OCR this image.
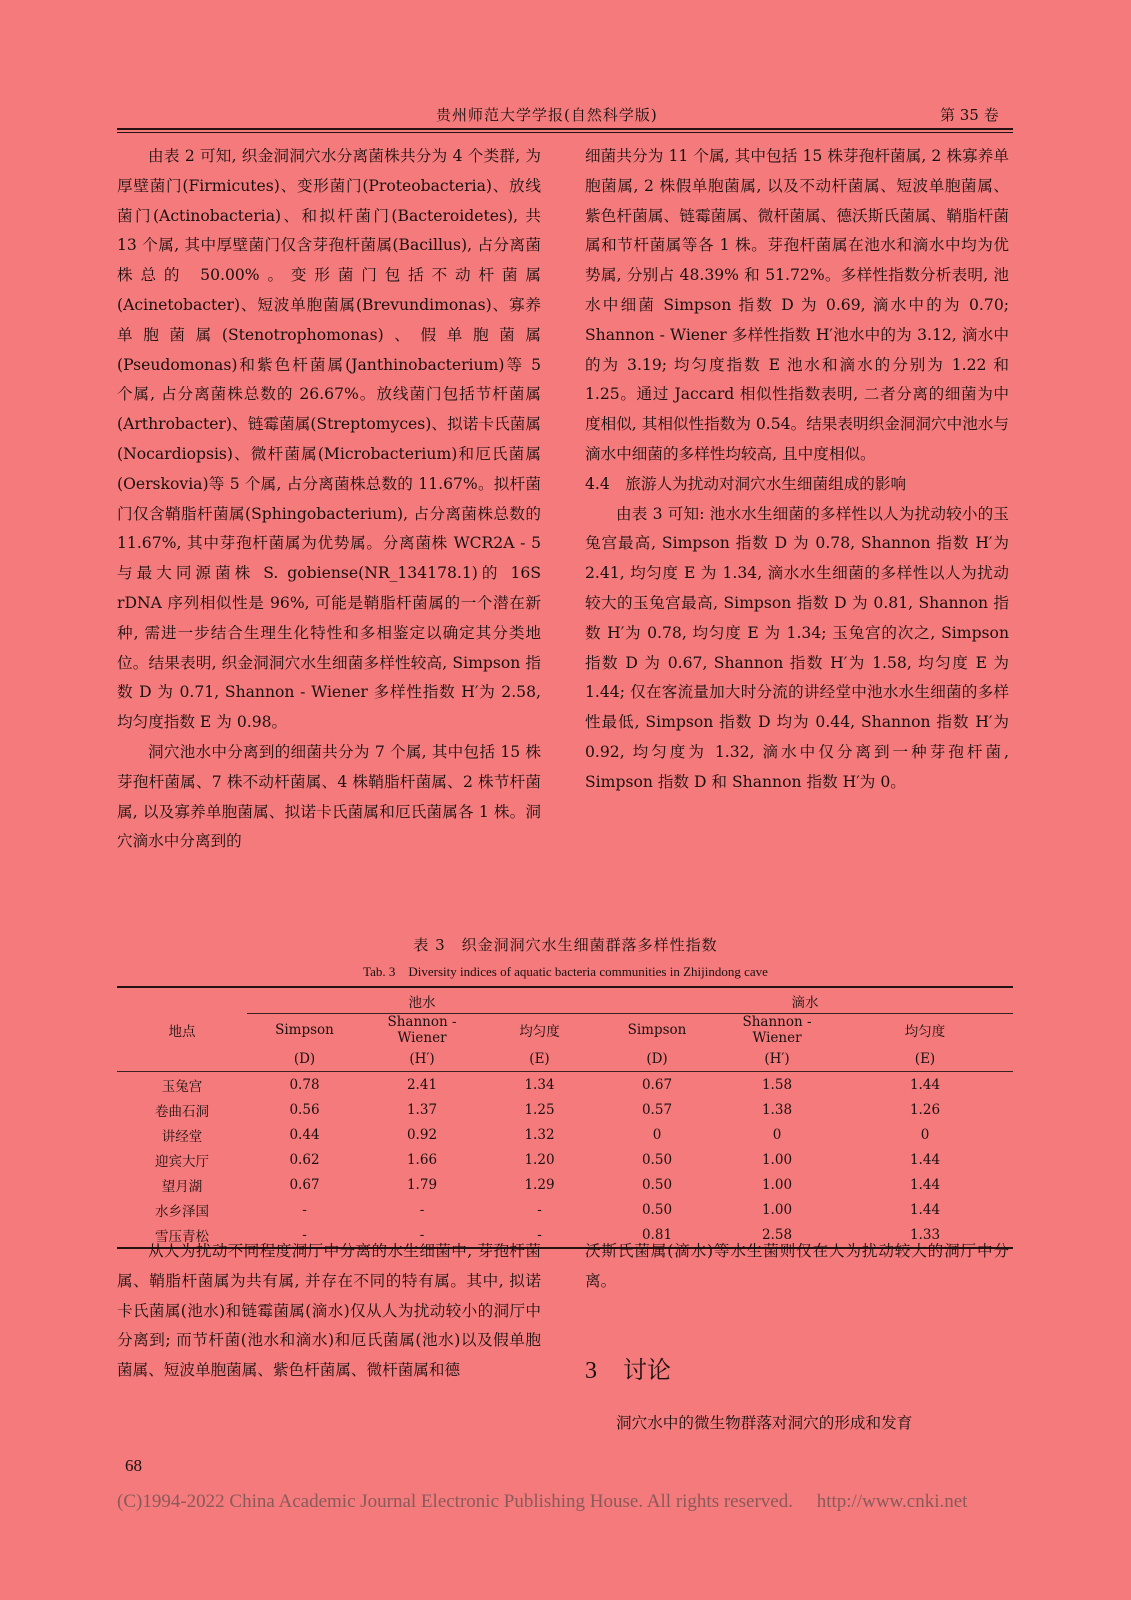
贵州师范大学学报(自然科学版)	第 35 卷

由表 2 可知, 织金洞洞穴水分离菌株共分为 4 个类群, 为厚壁菌门(Firmicutes)、变形菌门(Proteobacteria)、放线菌门(Actinobacteria)、和拟杆菌门(Bacteroidetes), 共 13 个属, 其中厚壁菌门仅含芽孢杆菌属(Bacillus), 占分离菌株总的 50.00%。变形菌门包括不动杆菌属(Acinetobacter)、短波单胞菌属(Brevundimonas)、寡养单胞菌属(Stenotrophomonas)、假单胞菌属(Pseudomonas)和紫色杆菌属(Janthinobacterium)等 5 个属, 占分离菌株总数的 26.67%。放线菌门包括节杆菌属(Arthrobacter)、链霉菌属(Streptomyces)、拟诺卡氏菌属(Nocardiopsis)、微杆菌属(Microbacterium)和厄氏菌属(Oerskovia)等 5 个属, 占分离菌株总数的 11.67%。拟杆菌门仅含鞘脂杆菌属(Sphingobacterium), 占分离菌株总数的 11.67%, 其中芽孢杆菌属为优势属。分离菌株 WCR2A - 5 与最大同源菌株 S. gobiense(NR_134178.1)的 16S rDNA 序列相似性是 96%, 可能是鞘脂杆菌属的一个潜在新种, 需进一步结合生理生化特性和多相鉴定以确定其分类地位。结果表明, 织金洞洞穴水生细菌多样性较高, Simpson 指数 D 为 0.71, Shannon - Wiener 多样性指数 H′为 2.58, 均匀度指数 E 为 0.98。

洞穴池水中分离到的细菌共分为 7 个属, 其中包括 15 株芽孢杆菌属、7 株不动杆菌属、4 株鞘脂杆菌属、2 株节杆菌属, 以及寡养单胞菌属、拟诺卡氏菌属和厄氏菌属各 1 株。洞穴滴水中分离到的

细菌共分为 11 个属, 其中包括 15 株芽孢杆菌属, 2 株寡养单胞菌属, 2 株假单胞菌属, 以及不动杆菌属、短波单胞菌属、紫色杆菌属、链霉菌属、微杆菌属、德沃斯氏菌属、鞘脂杆菌属和节杆菌属等各 1 株。芽孢杆菌属在池水和滴水中均为优势属, 分别占 48.39% 和 51.72%。多样性指数分析表明, 池水中细菌 Simpson 指数 D 为 0.69, 滴水中的为 0.70; Shannon - Wiener 多样性指数 H′池水中的为 3.12, 滴水中的为 3.19; 均匀度指数 E 池水和滴水的分别为 1.22 和 1.25。通过 Jaccard 相似性指数表明, 二者分离的细菌为中度相似, 其相似性指数为 0.54。结果表明织金洞洞穴中池水与滴水中细菌的多样性均较高, 且中度相似。

4.4　旅游人为扰动对洞穴水生细菌组成的影响

由表 3 可知: 池水水生细菌的多样性以人为扰动较小的玉兔宫最高, Simpson 指数 D 为 0.78, Shannon 指数 H′为 2.41, 均匀度 E 为 1.34, 滴水水生细菌的多样性以人为扰动较大的玉兔宫最高, Simpson 指数 D 为 0.81, Shannon 指数 H′为 0.78, 均匀度 E 为 1.34; 玉兔宫的次之, Simpson 指数 D 为 0.67, Shannon 指数 H′为 1.58, 均匀度 E 为 1.44; 仅在客流量加大时分流的讲经堂中池水水生细菌的多样性最低, Simpson 指数 D 均为 0.44, Shannon 指数 H′为 0.92, 均匀度为 1.32, 滴水中仅分离到一种芽孢杆菌, Simpson 指数 D 和 Shannon 指数 H′为 0。

表 3　织金洞洞穴水生细菌群落多样性指数
Tab. 3　Diversity indices of aquatic bacteria communities in Zhijindong cave
地点	池水			滴水		
	Simpson	Shannon - Wiener	均匀度	Simpson	Shannon - Wiener	均匀度
	(D)	(H′)	(E)	(D)	(H′)	(E)
玉兔宫	0.78	2.41	1.34	0.67	1.58	1.44
卷曲石洞	0.56	1.37	1.25	0.57	1.38	1.26
讲经堂	0.44	0.92	1.32	0	0	0
迎宾大厅	0.62	1.66	1.20	0.50	1.00	1.44
望月湖	0.67	1.79	1.29	0.50	1.00	1.44
水乡泽国	-	-	-	0.50	1.00	1.44
雪压青松	-	-	-	0.81	2.58	1.33

从人为扰动不同程度洞厅中分离的水生细菌中, 芽孢杆菌属、鞘脂杆菌属为共有属, 并存在不同的特有属。其中, 拟诺卡氏菌属(池水)和链霉菌属(滴水)仅从人为扰动较小的洞厅中分离到; 而节杆菌(池水和滴水)和厄氏菌属(池水)以及假单胞菌属、短波单胞菌属、紫色杆菌属、微杆菌属和德

沃斯氏菌属(滴水)等水生菌则仅在人为扰动较大的洞厅中分离。

3 讨论

洞穴水中的微生物群落对洞穴的形成和发育

68
(C)1994-2022 China Academic Journal Electronic Publishing House. All rights reserved.　 http://www.cnki.net
